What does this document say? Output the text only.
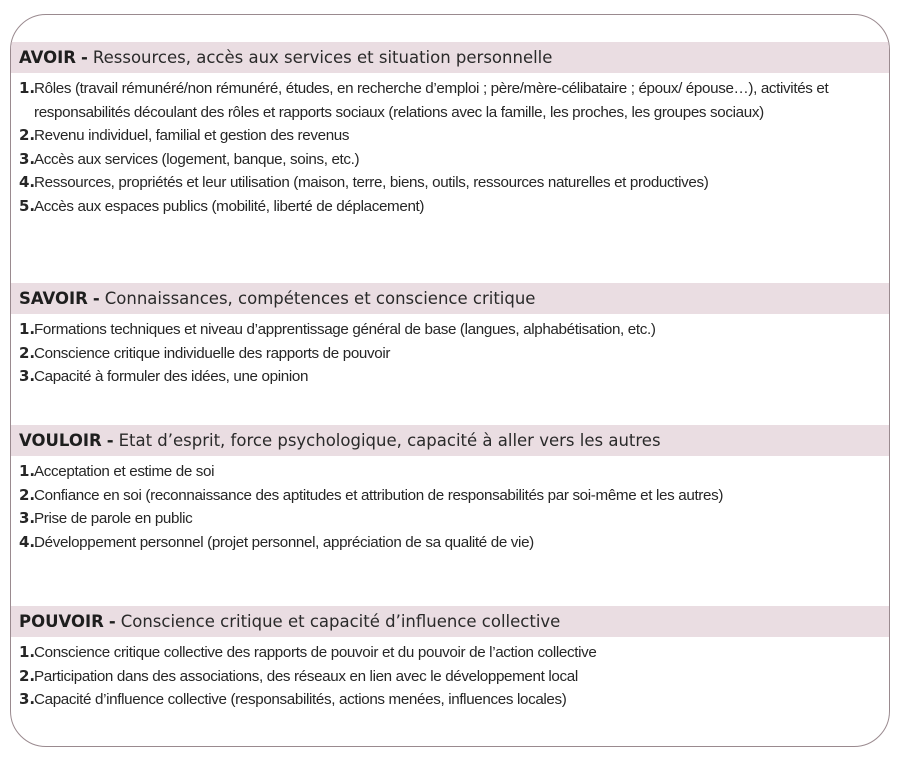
AVOIR - Ressources, accès aux services et situation personnelle
1.
Rôles (travail rémunéré/non rémunéré, études, en recherche d’emploi ; père/mère-célibataire ; époux/ épouse…), activités et responsabilités découlant des rôles et rapports sociaux (relations avec la famille, les proches, les groupes sociaux)
2.
Revenu individuel, familial et gestion des revenus
3.
Accès aux services (logement, banque, soins, etc.)
4.
Ressources, propriétés et leur utilisation (maison, terre, biens, outils, ressources naturelles et productives)
5.
Accès aux espaces publics (mobilité, liberté de déplacement)
SAVOIR - Connaissances, compétences et conscience critique
1.
Formations techniques et niveau d’apprentissage général de base (langues, alphabétisation, etc.)
2.
Conscience critique individuelle des rapports de pouvoir
3.
Capacité à formuler des idées, une opinion
VOULOIR - Etat d’esprit, force psychologique, capacité à aller vers les autres
1.
Acceptation et estime de soi
2.
Confiance en soi (reconnaissance des aptitudes et attribution de responsabilités par soi-même et les autres)
3.
Prise de parole en public
4.
Développement personnel (projet personnel, appréciation de sa qualité de vie)
POUVOIR - Conscience critique et capacité d’influence collective
1.
Conscience critique collective des rapports de pouvoir et du pouvoir de l’action collective
2.
Participation dans des associations, des réseaux en lien avec le développement local
3.
Capacité d’influence collective (responsabilités, actions menées, influences locales)
